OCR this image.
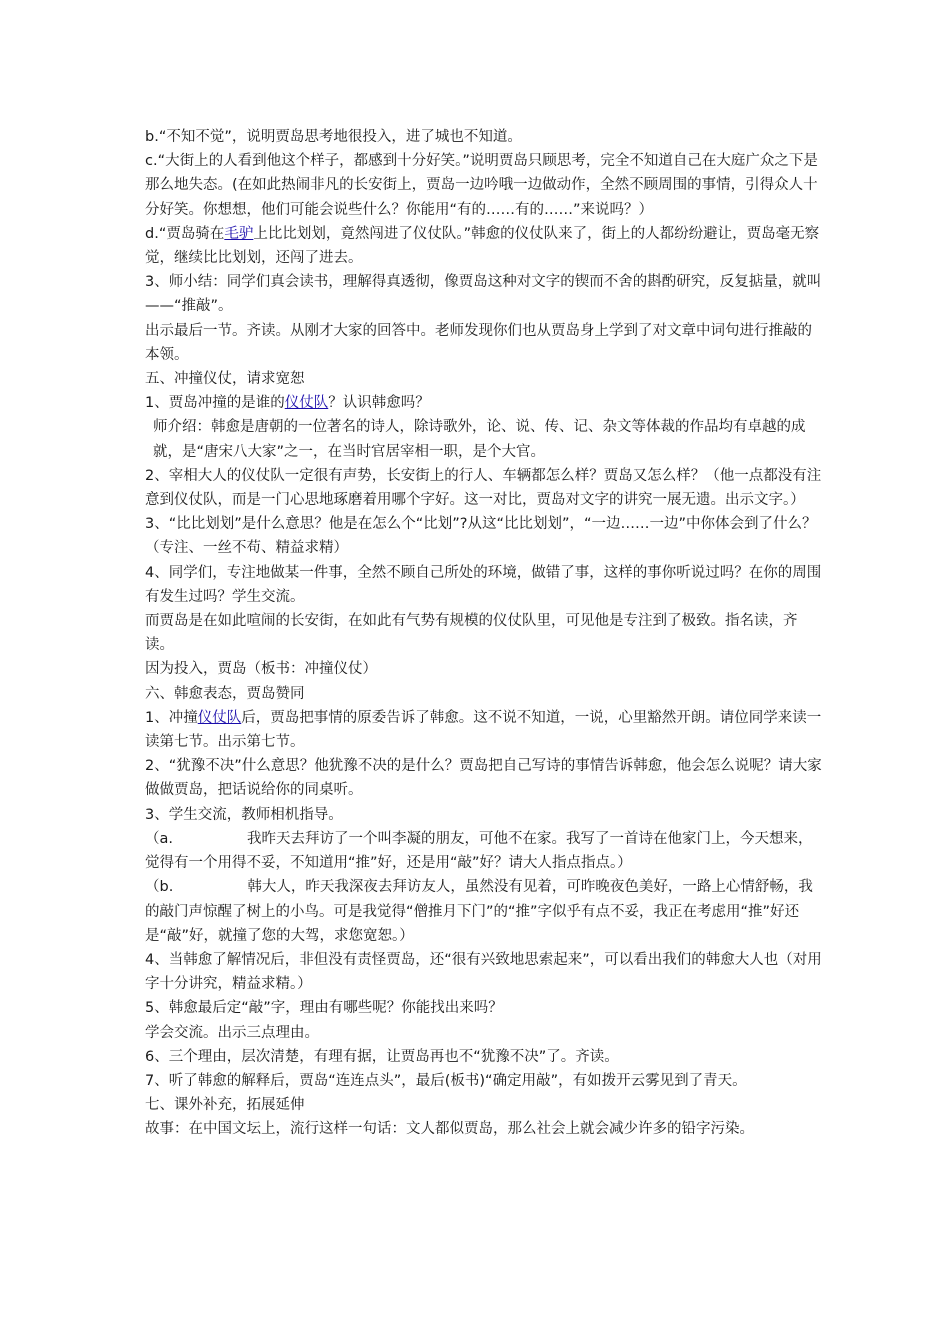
b.“不知不觉”，说明贾岛思考地很投入，进了城也不知道。

c.“大街上的人看到他这个样子，都感到十分好笑。”说明贾岛只顾思考，完全不知道自己在大庭广众之下是那么地失态。(在如此热闹非凡的长安街上，贾岛一边吟哦一边做动作，全然不顾周围的事情，引得众人十分好笑。你想想，他们可能会说些什么？你能用“有的……有的……”来说吗？）

d.“贾岛骑在毛驴上比比划划，竟然闯进了仪仗队。”韩愈的仪仗队来了，街上的人都纷纷避让，贾岛毫无察觉，继续比比划划，还闯了进去。

3、师小结：同学们真会读书，理解得真透彻，像贾岛这种对文字的锲而不舍的斟酌研究，反复掂量，就叫——“推敲”。

出示最后一节。齐读。从刚才大家的回答中。老师发现你们也从贾岛身上学到了对文章中词句进行推敲的本领。

五、冲撞仪仗，请求宽恕

1、贾岛冲撞的是谁的仪仗队？认识韩愈吗？

师介绍：韩愈是唐朝的一位著名的诗人，除诗歌外，论、说、传、记、杂文等体裁的作品均有卓越的成就，是“唐宋八大家”之一，在当时官居宰相一职，是个大官。

2、宰相大人的仪仗队一定很有声势，长安街上的行人、车辆都怎么样？贾岛又怎么样？（他一点都没有注意到仪仗队，而是一门心思地琢磨着用哪个字好。这一对比，贾岛对文字的讲究一展无遗。出示文字。）

3、“比比划划”是什么意思？他是在怎么个“比划”?从这“比比划划”，“一边……一边”中你体会到了什么？（专注、一丝不苟、精益求精）

4、同学们，专注地做某一件事，全然不顾自己所处的环境，做错了事，这样的事你听说过吗？在你的周围有发生过吗？学生交流。

而贾岛是在如此喧闹的长安街，在如此有气势有规模的仪仗队里，可见他是专注到了极致。指名读，齐读。

因为投入，贾岛（板书：冲撞仪仗）

六、韩愈表态，贾岛赞同

1、冲撞仪仗队后，贾岛把事情的原委告诉了韩愈。这不说不知道，一说，心里豁然开朗。请位同学来读一读第七节。出示第七节。

2、“犹豫不决”什么意思？他犹豫不决的是什么？贾岛把自己写诗的事情告诉韩愈，他会怎么说呢？请大家做做贾岛，把话说给你的同桌听。

3、学生交流，教师相机指导。

（a.	我昨天去拜访了一个叫李凝的朋友，可他不在家。我写了一首诗在他家门上，今天想来，觉得有一个用得不妥，不知道用“推”好，还是用“敲”好？请大人指点指点。）

（b.	韩大人，昨天我深夜去拜访友人，虽然没有见着，可昨晚夜色美好，一路上心情舒畅，我的敲门声惊醒了树上的小鸟。可是我觉得“僧推月下门”的“推”字似乎有点不妥，我正在考虑用“推”好还是“敲”好，就撞了您的大驾，求您宽恕。）

4、当韩愈了解情况后，非但没有责怪贾岛，还“很有兴致地思索起来”，可以看出我们的韩愈大人也（对用字十分讲究，精益求精。）

5、韩愈最后定“敲”字，理由有哪些呢？你能找出来吗？

学会交流。出示三点理由。

6、三个理由，层次清楚，有理有据，让贾岛再也不“犹豫不决”了。齐读。

7、听了韩愈的解释后，贾岛“连连点头”，最后(板书)“确定用敲”，有如拨开云雾见到了青天。

七、课外补充，拓展延伸

故事：在中国文坛上，流行这样一句话：文人都似贾岛，那么社会上就会减少许多的铅字污染。
